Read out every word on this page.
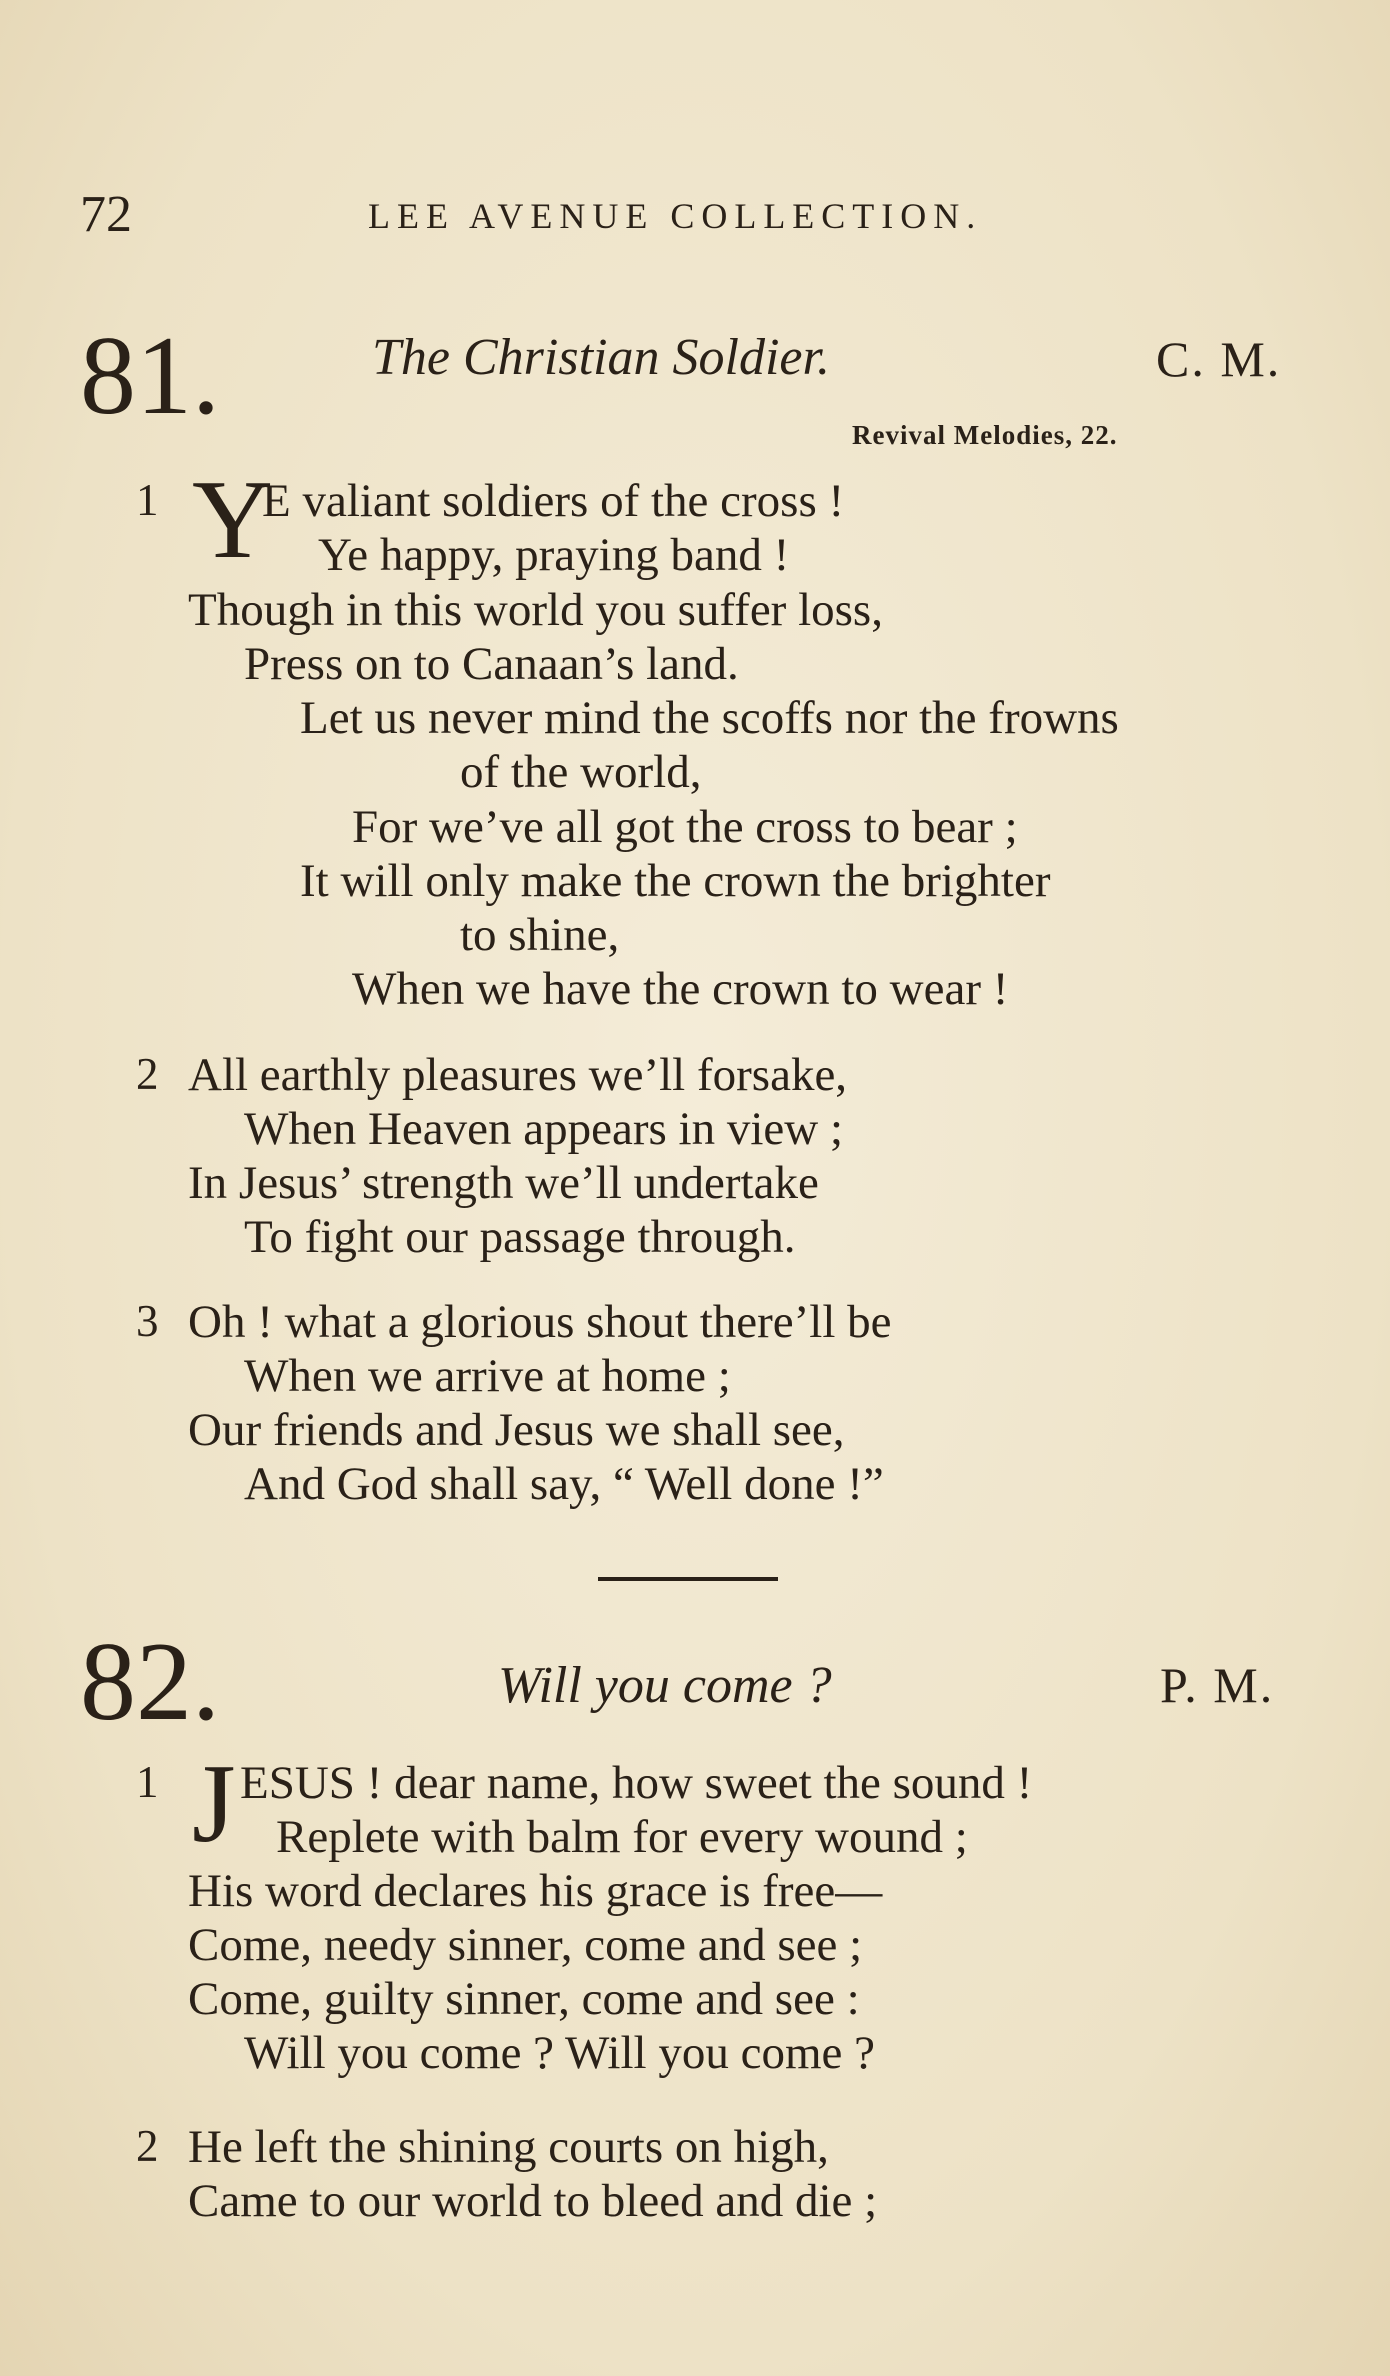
72	LEE AVENUE COLLECTION.
81.	The Christian Soldier.	C. M.
Revival Melodies, 22.
1 Y
E valiant soldiers of the cross !
Ye happy, praying band !
Though in this world you suffer loss,
Press on to Canaan’s land.
Let us never mind the scoffs nor the frowns
of the world,
For we’ve all got the cross to bear ;
It will only make the crown the brighter
to shine,
When we have the crown to wear !
2 All earthly pleasures we’ll forsake,
When Heaven appears in view ;
In Jesus’ strength we’ll undertake
To fight our passage through.
3 Oh ! what a glorious shout there’ll be
When we arrive at home ;
Our friends and Jesus we shall see,
And God shall say, “ Well done !”
82.	Will you come ?	P. M.
1 J ESUS ! dear name, how sweet the sound !
Replete with balm for every wound ;
His word declares his grace is free—
Come, needy sinner, come and see ;
Come, guilty sinner, come and see :
Will you come ? Will you come ?
2 He left the shining courts on high,
Came to our world to bleed and die ;
